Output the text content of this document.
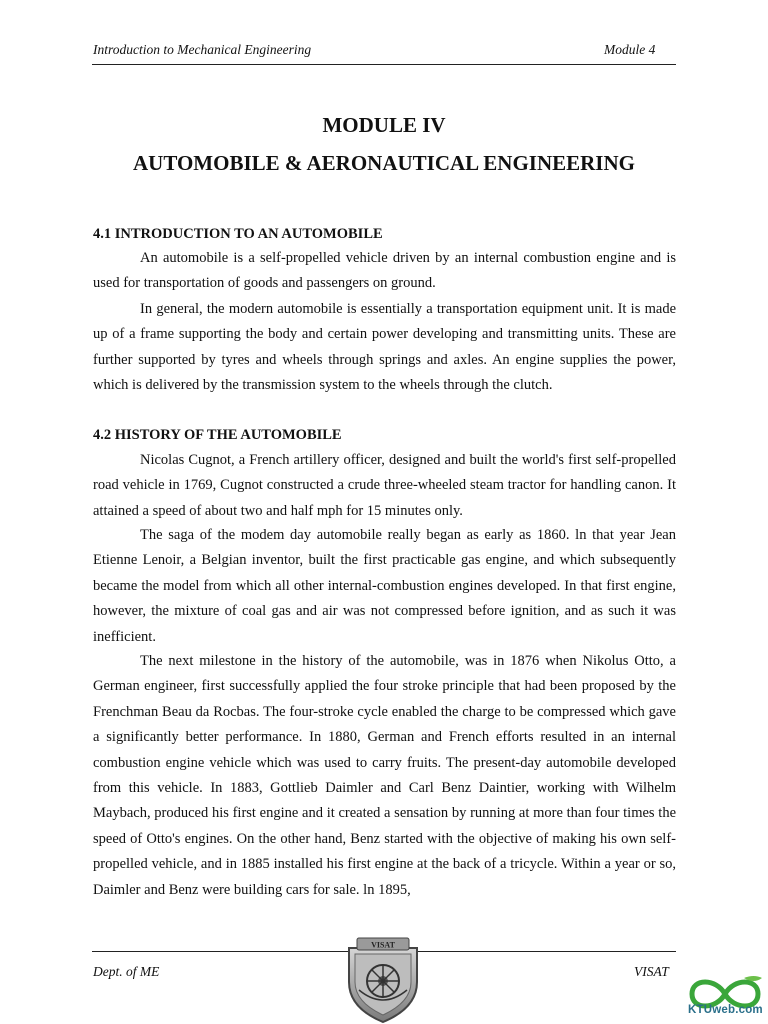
Introduction to Mechanical Engineering	Module 4
MODULE IV
AUTOMOBILE & AERONAUTICAL ENGINEERING
4.1 INTRODUCTION TO AN AUTOMOBILE

An automobile is a self-propelled vehicle driven by an internal combustion engine and is used for transportation of goods and passengers on ground.

In general, the modern automobile is essentially a transportation equipment unit. It is made up of a frame supporting the body and certain power developing and transmitting units. These are further supported by tyres and wheels through springs and axles. An engine supplies the power, which is delivered by the transmission system to the wheels through the clutch.

4.2 HISTORY OF THE AUTOMOBILE

Nicolas Cugnot, a French artillery officer, designed and built the world's first self-propelled road vehicle in 1769, Cugnot constructed a crude three-wheeled steam tractor for handling canon. It attained a speed of about two and half mph for 15 minutes only.

The saga of the modem day automobile really began as early as 1860. ln that year Jean Etienne Lenoir, a Belgian inventor, built the first practicable gas engine, and which subsequently became the model from which all other internal-combustion engines developed. In that first engine, however, the mixture of coal gas and air was not compressed before ignition, and as such it was inefficient.

The next milestone in the history of the automobile, was in 1876 when Nikolus Otto, a German engineer, first successfully applied the four stroke principle that had been proposed by the Frenchman Beau da Rocbas. The four-stroke cycle enabled the charge to be compressed which gave a significantly better performance. In 1880, German and French efforts resulted in an internal combustion engine vehicle which was used to carry fruits. The present-day automobile developed from this vehicle. In 1883, Gottlieb Daimler and Carl Benz Daintier, working with Wilhelm Maybach, produced his first engine and it created a sensation by running at more than four times the speed of Otto's engines. On the other hand, Benz started with the objective of making his own self-propelled vehicle, and in 1885 installed his first engine at the back of a tricycle. Within a year or so, Daimler and Benz were building cars for sale. ln 1895,

Dept. of ME	VISAT
VISAT
KTUweb.com
